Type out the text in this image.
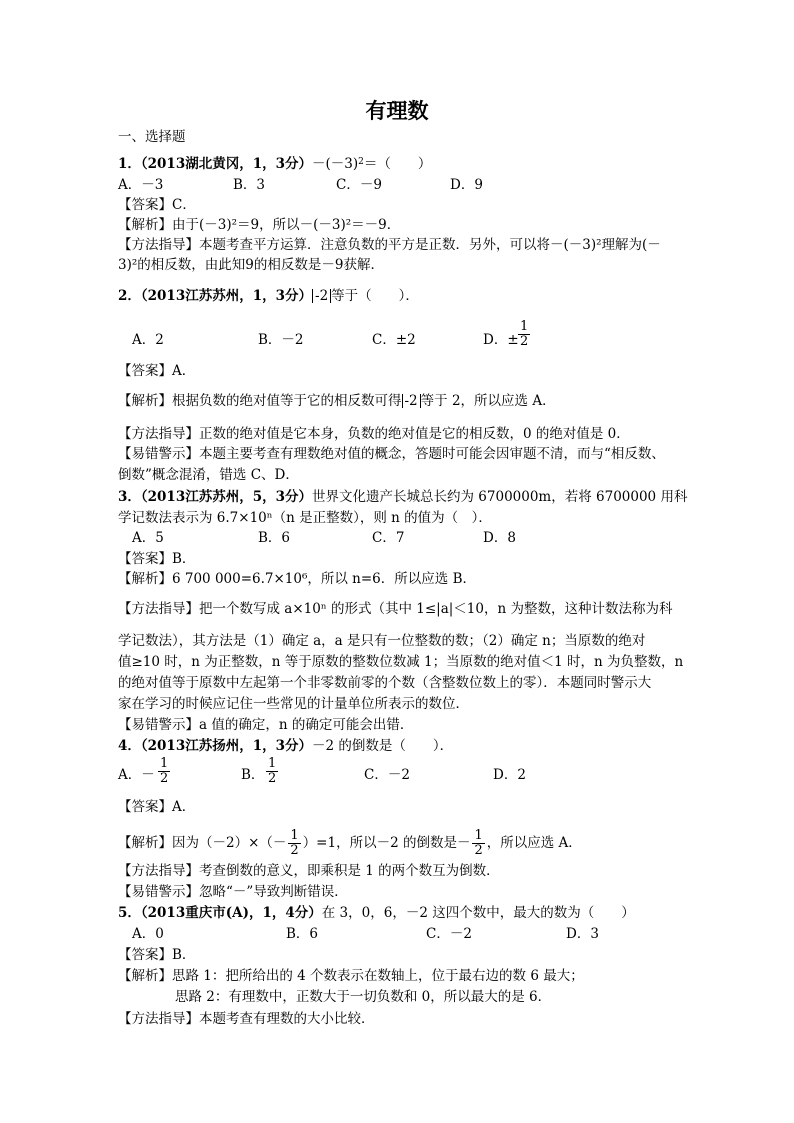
有理数
一、选择题
1．（2013湖北黄冈，1，3分）$-(-3)^2=$（　　）
A．－3	B．3	C．－9	D．9
【答案】C．
【解析】由于(－3)²＝9，所以－(－3)²＝－9．
【方法指导】本题考查平方运算．注意负数的平方是正数．另外，可以将－(－3)²理解为(－
3)²的相反数，由此知9的相反数是－9获解．
2．（2013江苏苏州，1，3分） -2 等于（　　）．
A．2	B．－2	C．±2	D．± $\frac{1}{2}$
【答案】A．
【解析】根据负数的绝对值等于它的相反数可得 -2 等于 2，所以应选 A．
【方法指导】正数的绝对值是它本身，负数的绝对值是它的相反数，0 的绝对值是 0．
【易错警示】本题主要考查有理数绝对值的概念，答题时可能会因审题不清，而与“相反数、
倒数”概念混淆，错选 C、D．
3．（2013江苏苏州，5，3分）世界文化遗产长城总长约为 6700000m，若将 6700000 用科
学记数法表示为 6.7×10ⁿ（n 是正整数），则 n 的值为（　）．
A．5	B．6	C．7	D．8
【答案】B．
【解析】6 700 000=6.7×10⁶，所以 n=6．所以应选 B．
【方法指导】把一个数写成 a×10ⁿ 的形式（其中 1≤|a|＜10，n 为整数，这种计数法称为科
学记数法），其方法是（1）确定 a，a 是只有一位整数的数；（2）确定 n；当原数的绝对
值≥10 时，n 为正整数，n 等于原数的整数位数减 1；当原数的绝对值＜1 时，n 为负整数，n
的绝对值等于原数中左起第一个非零数前零的个数（含整数位数上的零）．本题同时警示大
家在学习的时候应记住一些常见的计量单位所表示的数位．
【易错警示】a 值的确定，n 的确定可能会出错．
4．（2013江苏扬州，1，3分）－2 的倒数是（　　）．
A．－ $\frac{1}{2}$	B． $\frac{1}{2}$	C．－2	D．2
【答案】A．
【解析】因为$(-2)\times(- \frac{1}{2} )=1$，所以－2 的倒数是－ $\frac{1}{2}$ ，所以应选 A．
【方法指导】考查倒数的意义，即乘积是 1 的两个数互为倒数．
【易错警示】忽略“－”导致判断错误．
5．（2013重庆市(A)，1，4分）在 3，0，6，－2 这四个数中，最大的数为（　　）
A．0	B．6	C．－2	D．3
【答案】B．
【解析】思路 1：把所给出的 4 个数表示在数轴上，位于最右边的数 6 最大；
思路 2：有理数中，正数大于一切负数和 0，所以最大的是 6．
【方法指导】本题考查有理数的大小比较．
